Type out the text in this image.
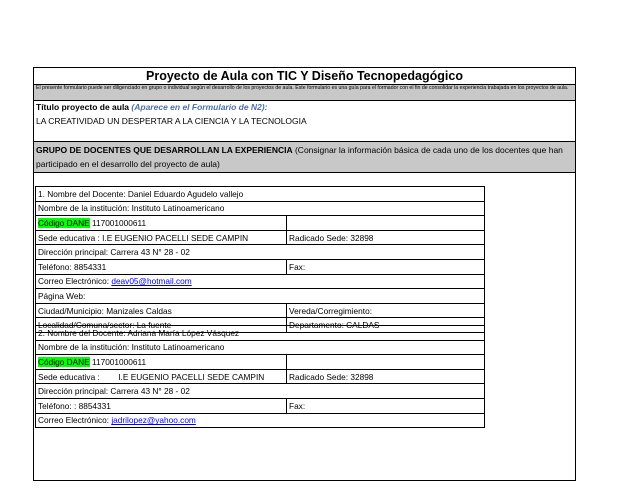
Proyecto de Aula con TIC Y Diseño Tecnopedagógico
El presente formulario puede ser diligenciado en grupo o individual según el desarrollo de los proyectos de aula. Este formulario es una guía para el formador con el fin de consolidar la experiencia trabajada en los proyectos de aula.
Título proyecto de aula (Aparece en el Formulario de N2):
LA CREATIVIDAD UN DESPERTAR A LA CIENCIA Y LA TECNOLOGIA
GRUPO DE DOCENTES QUE DESARROLLAN LA EXPERIENCIA (Consignar la información básica de cada uno de los docentes que han
participado en el desarrollo del proyecto de aula)
1. Nombre del Docente: Daniel Eduardo Agudelo vallejo	
Nombre de la institución: Instituto Latinoamericano	
Código DANE 117001000611	
Sede educativa : I.E EUGENIO PACELLI SEDE CAMPIN	Radicado Sede: 32898
Dirección principal: Carrera 43 N° 28 - 02	
Teléfono: 8854331	Fax:
Correo Electrónico: deav05@hotmail.com	
Página Web:	
Ciudad/Municipio: Manizales Caldas	Vereda/Corregimiento:
Localidad/Comuna/sector: La fuente	Departamento: CALDAS
2. Nombre del Docente: Adriana María López Vásquez	
Nombre de la institución: Instituto Latinoamericano	
Código DANE 117001000611	
Sede educativa :        I.E EUGENIO PACELLI SEDE CAMPIN	Radicado Sede: 32898
Dirección principal: Carrera 43 N° 28 - 02	
Teléfono: : 8854331	Fax:
Correo Electrónico: jadrilopez@yahoo.com	
